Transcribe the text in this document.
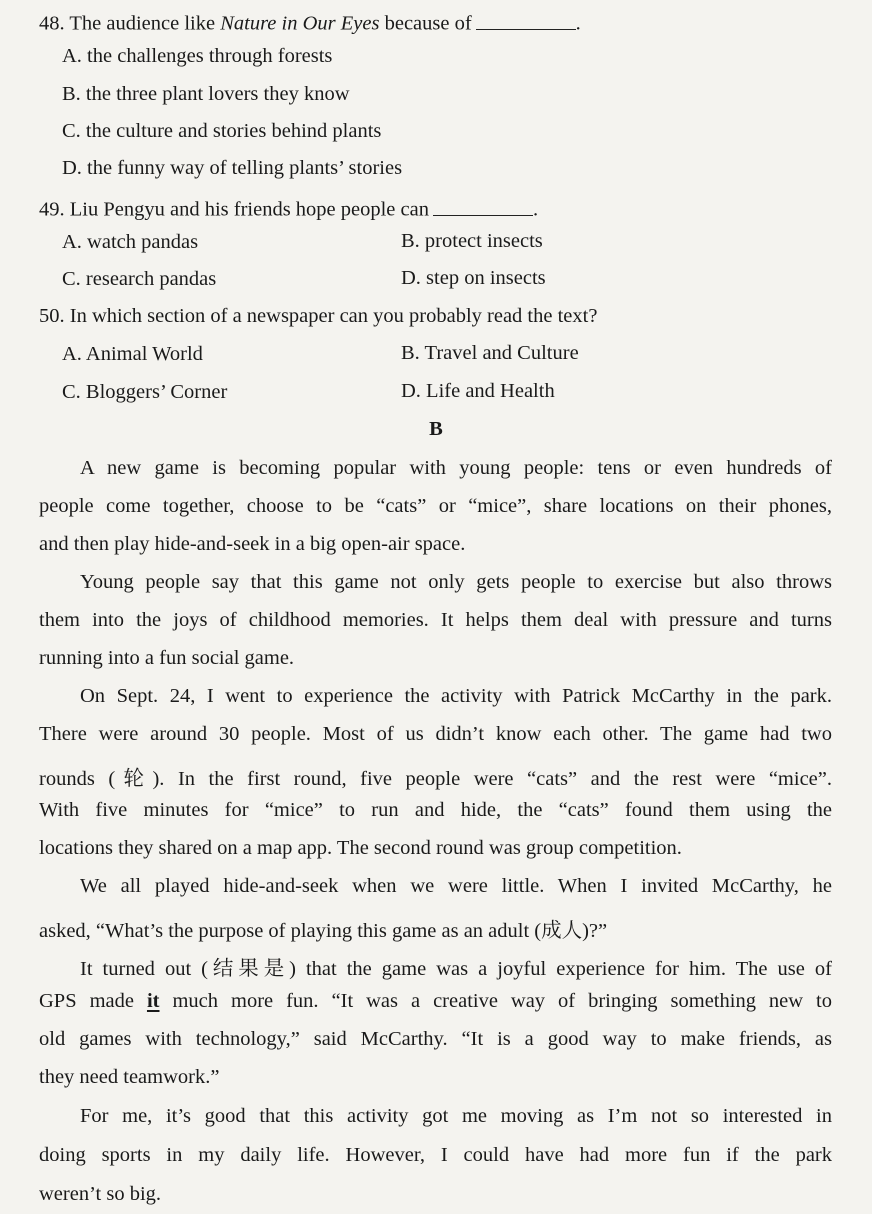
48. The audience like Nature in Our Eyes because of	.
A. the challenges through forests
B. the three plant lovers they know
C. the culture and stories behind plants
D. the funny way of telling plants’ stories
49. Liu Pengyu and his friends hope people can	.
A. watch pandas	B. protect insects
C. research pandas	D. step on insects
50. In which section of a newspaper can you probably read the text?
A. Animal World	B. Travel and Culture
C. Bloggers’ Corner	D. Life and Health
B
A new game is becoming popular with young people: tens or even hundreds of
people come together, choose to be “cats” or “mice”, share locations on their phones,
and then play hide-and-seek in a big open-air space.
Young people say that this game not only gets people to exercise but also throws
them into the joys of childhood memories. It helps them deal with pressure and turns
running into a fun social game.
On Sept. 24, I went to experience the activity with Patrick McCarthy in the park.
There were around 30 people. Most of us didn’t know each other. The game had two
rounds (轮). In the first round, five people were “cats” and the rest were “mice”.
With five minutes for “mice” to run and hide, the “cats” found them using the
locations they shared on a map app. The second round was group competition.
We all played hide-and-seek when we were little. When I invited McCarthy, he
asked, “What’s the purpose of playing this game as an adult (成人)?”
It turned out (结果是) that the game was a joyful experience for him. The use of
GPS made it much more fun. “It was a creative way of bringing something new to
old games with technology,” said McCarthy. “It is a good way to make friends, as
they need teamwork.”
For me, it’s good that this activity got me moving as I’m not so interested in
doing sports in my daily life. However, I could have had more fun if the park
weren’t so big.
